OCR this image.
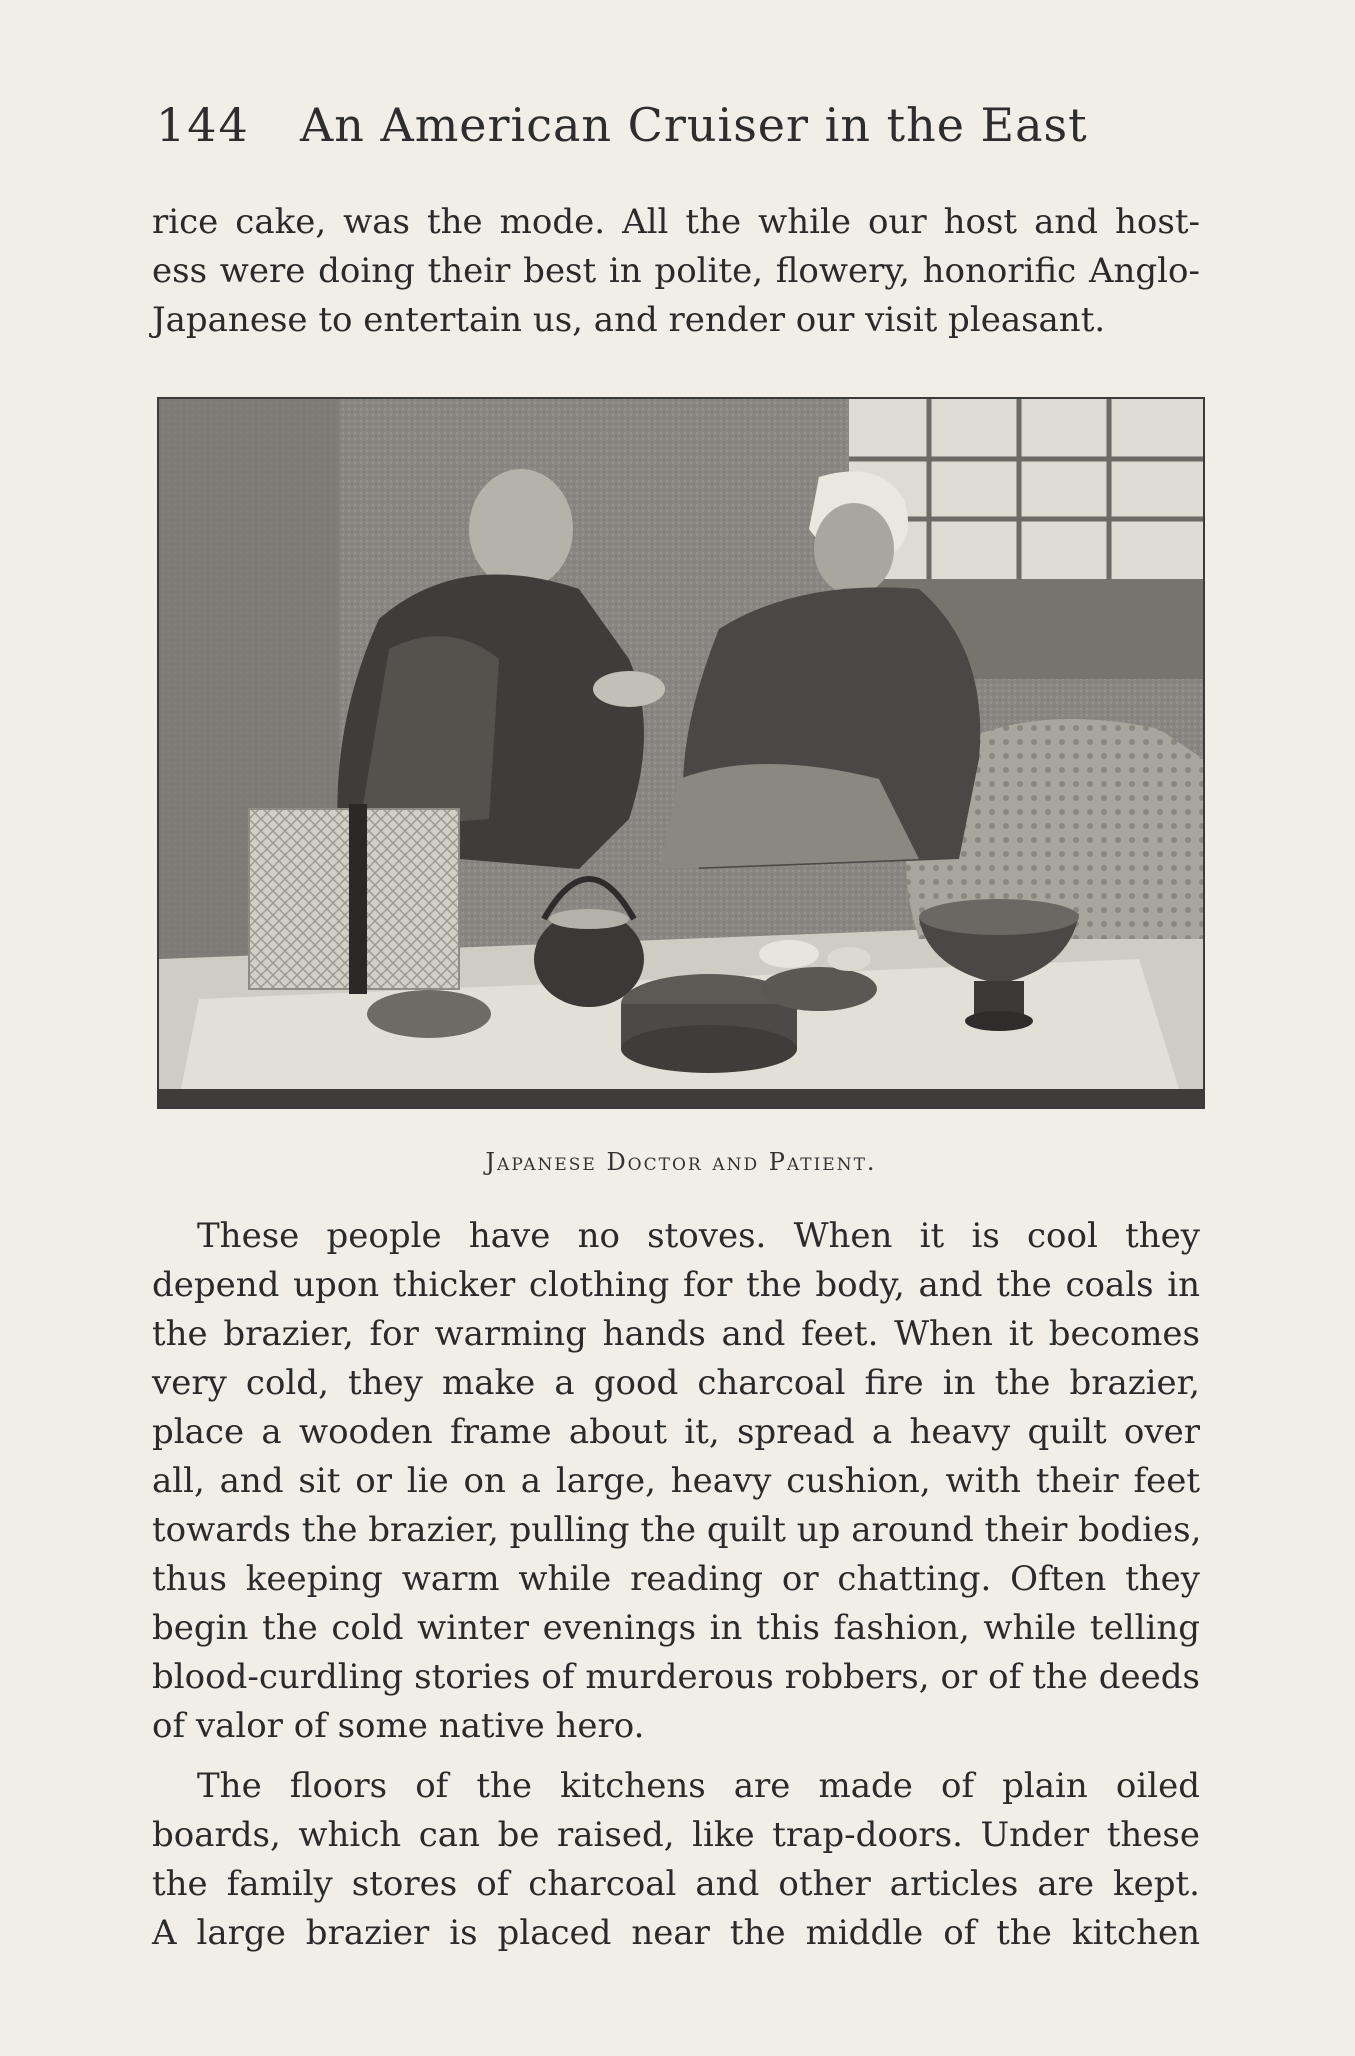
144 An American Cruiser in the East
rice cake, was the mode. All the while our host and host-
ess were doing their best in polite, flowery, honorific Anglo-
Japanese to entertain us, and render our visit pleasant.
Japanese Doctor and Patient.
These people have no stoves. When it is cool they
depend upon thicker clothing for the body, and the coals in
the brazier, for warming hands and feet. When it becomes
very cold, they make a good charcoal fire in the brazier,
place a wooden frame about it, spread a heavy quilt over
all, and sit or lie on a large, heavy cushion, with their feet
towards the brazier, pulling the quilt up around their bodies,
thus keeping warm while reading or chatting. Often they
begin the cold winter evenings in this fashion, while telling
blood-curdling stories of murderous robbers, or of the deeds
of valor of some native hero.
The floors of the kitchens are made of plain oiled
boards, which can be raised, like trap-doors. Under these
the family stores of charcoal and other articles are kept.
A large brazier is placed near the middle of the kitchen
